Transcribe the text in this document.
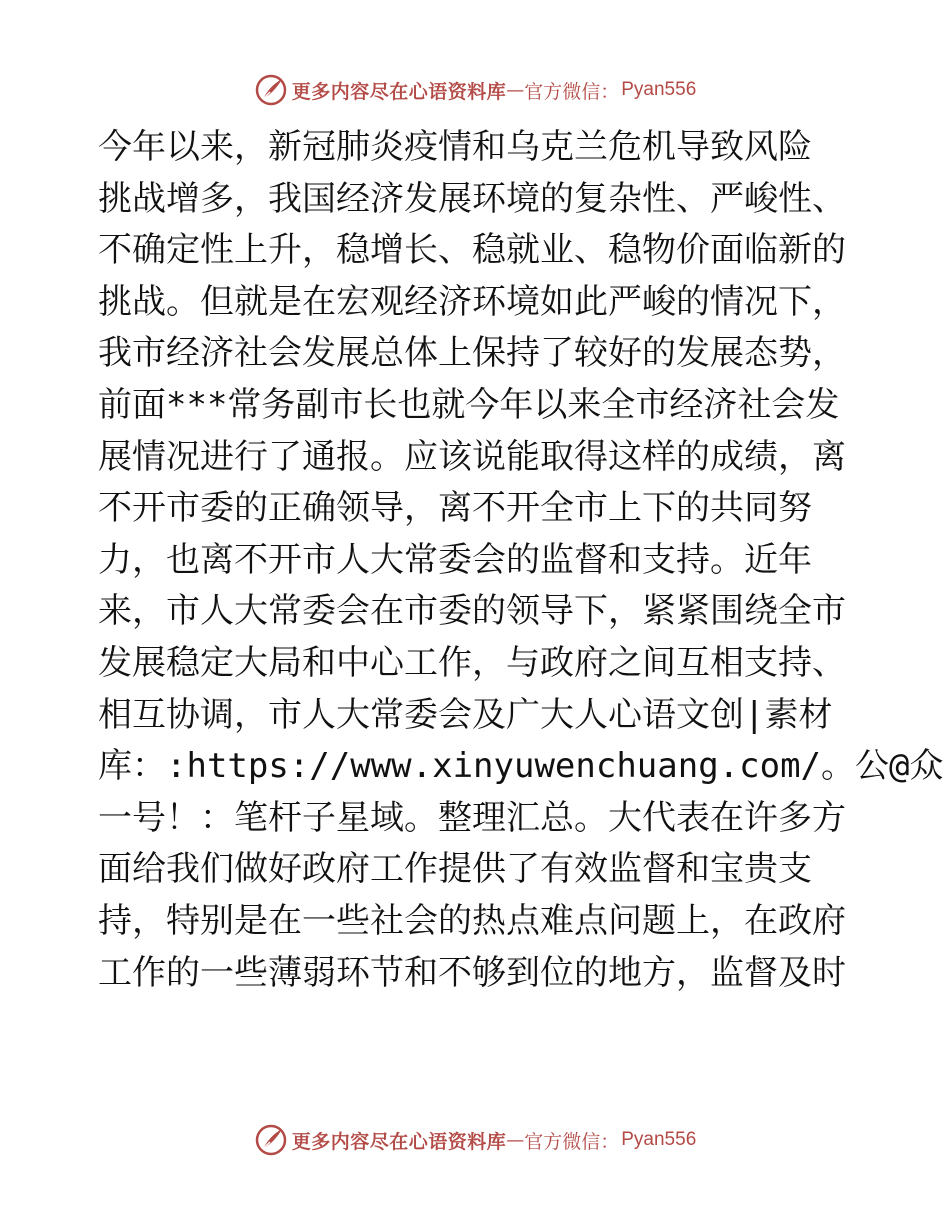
更多内容尽在心语资料库 — 官方微信： Pyan556
今年以来，新冠肺炎疫情和乌克兰危机导致风险
挑战增多，我国经济发展环境的复杂性、严峻性、
不确定性上升，稳增长、稳就业、稳物价面临新的
挑战。但就是在宏观经济环境如此严峻的情况下，
我市经济社会发展总体上保持了较好的发展态势，
前面***常务副市长也就今年以来全市经济社会发
展情况进行了通报。应该说能取得这样的成绩，离
不开市委的正确领导，离不开全市上下的共同努
力，也离不开市人大常委会的监督和支持。近年
来，市人大常委会在市委的领导下，紧紧围绕全市
发展稳定大局和中心工作，与政府之间互相支持、
相互协调，市人大常委会及广大人心语文创|素材
库：:https://www.xinyuwenchuang.com/。公@众
一号！：笔杆子星域。整理汇总。大代表在许多方
面给我们做好政府工作提供了有效监督和宝贵支
持，特别是在一些社会的热点难点问题上，在政府
工作的一些薄弱环节和不够到位的地方，监督及时
更多内容尽在心语资料库 — 官方微信： Pyan556
